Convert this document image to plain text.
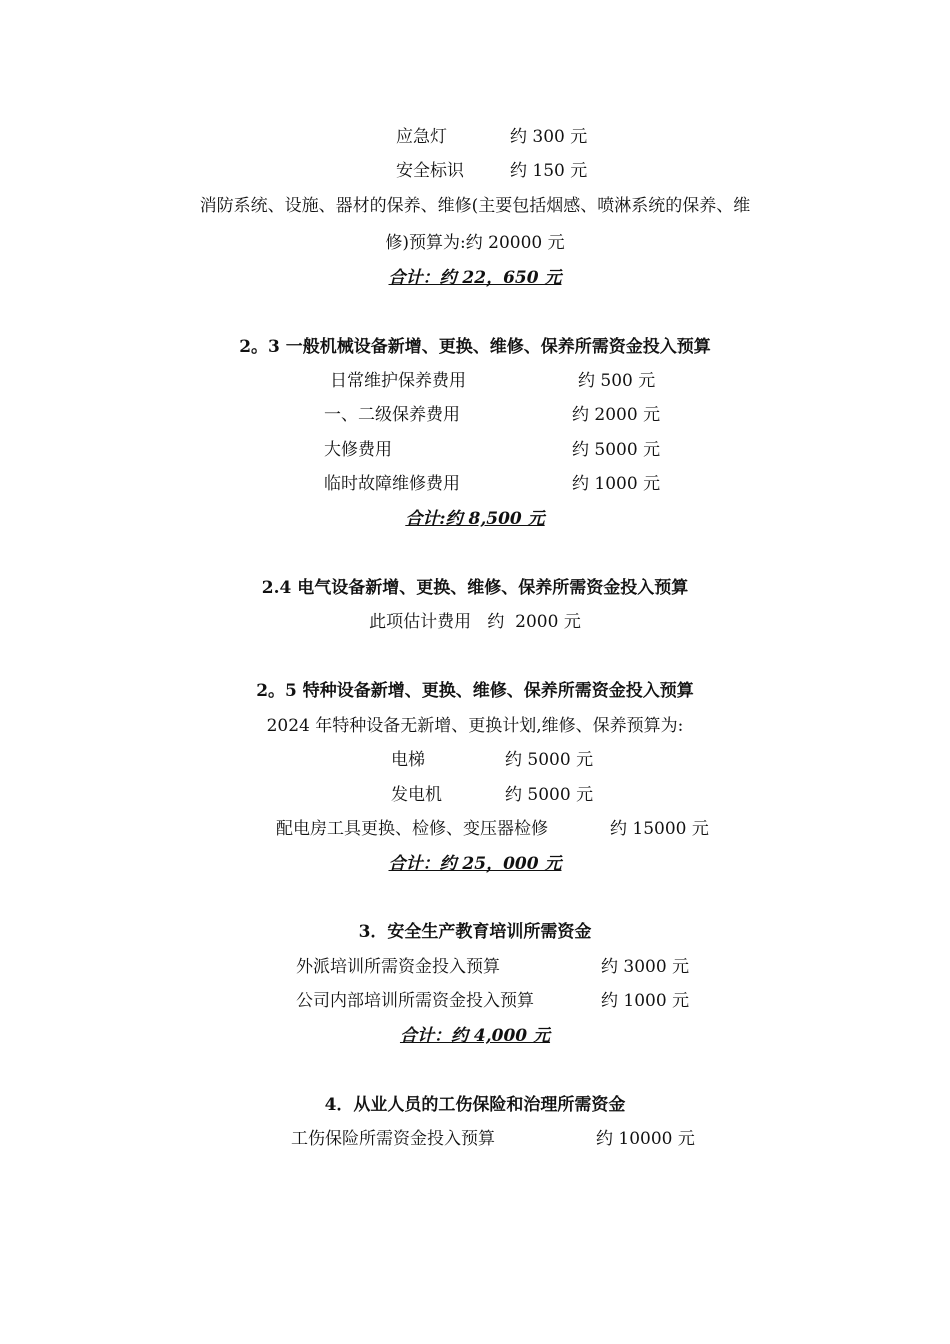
应急灯	约 300 元
安全标识	约 150 元
消防系统、设施、器材的保养、维修(主要包括烟感、喷淋系统的保养、维
修)预算为:约 20000 元
合计：约 22，650 元
2。3 一般机械设备新增、更换、维修、保养所需资金投入预算
日常维护保养费用	约 500 元
一、二级保养费用	约 2000 元
大修费用	约 5000 元
临时故障维修费用	约 1000 元
合计:约 8,500 元
2.4 电气设备新增、更换、维修、保养所需资金投入预算
此项估计费用   约  2000 元
2。5 特种设备新增、更换、维修、保养所需资金投入预算
2024 年特种设备无新增、更换计划,维修、保养预算为:
电梯	约 5000 元
发电机	约 5000 元
配电房工具更换、检修、变压器检修	约 15000 元
合计：约 25，000 元
3．安全生产教育培训所需资金
外派培训所需资金投入预算	约 3000 元
公司内部培训所需资金投入预算	约 1000 元
合计：约 4,000 元
4．从业人员的工伤保险和治理所需资金
工伤保险所需资金投入预算	约 10000 元
